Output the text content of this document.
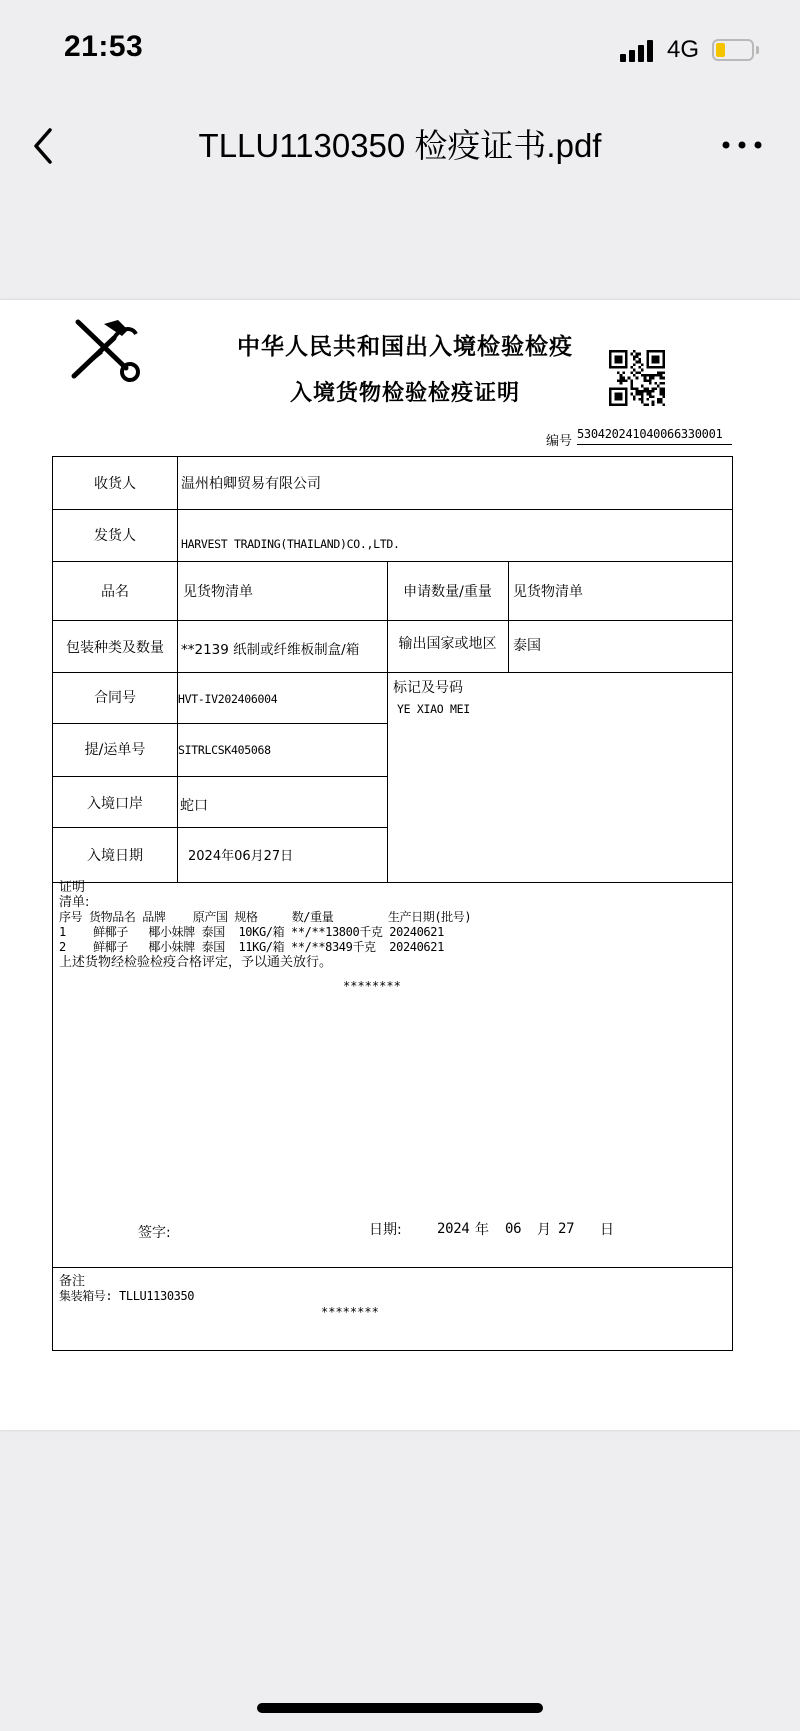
21:53	4G
TLLU1130350 检疫证书.pdf
中华人民共和国出入境检验检疫
入境货物检验检疫证明
编号 530420241040066330001
收货人	温州柏卿贸易有限公司
发货人	HARVEST TRADING(THAILAND)CO.,LTD.
品名	见货物清单	申请数量/重量	见货物清单
包装种类及数量	**2139 纸制或纤维板制盒/箱	输出国家或地区	泰国
合同号	HVT-IV202406004
标记及号码
YE XIAO MEI
提/运单号	SITRLCSK405068
入境口岸	蛇口
入境日期	2024年06月27日
证明
清单:
序号 货物品名 品牌    原产国 规格     数/重量        生产日期(批号)
1    鲜椰子   椰小妹牌 泰国  10KG/箱 **/**13800千克 20240621
2    鲜椰子   椰小妹牌 泰国  11KG/箱 **/**8349千克  20240621
上述货物经检验检疫合格评定，予以通关放行。
********
签字:	日期:	2024 年 06 月 27 日
备注
集装箱号: TLLU1130350
********
